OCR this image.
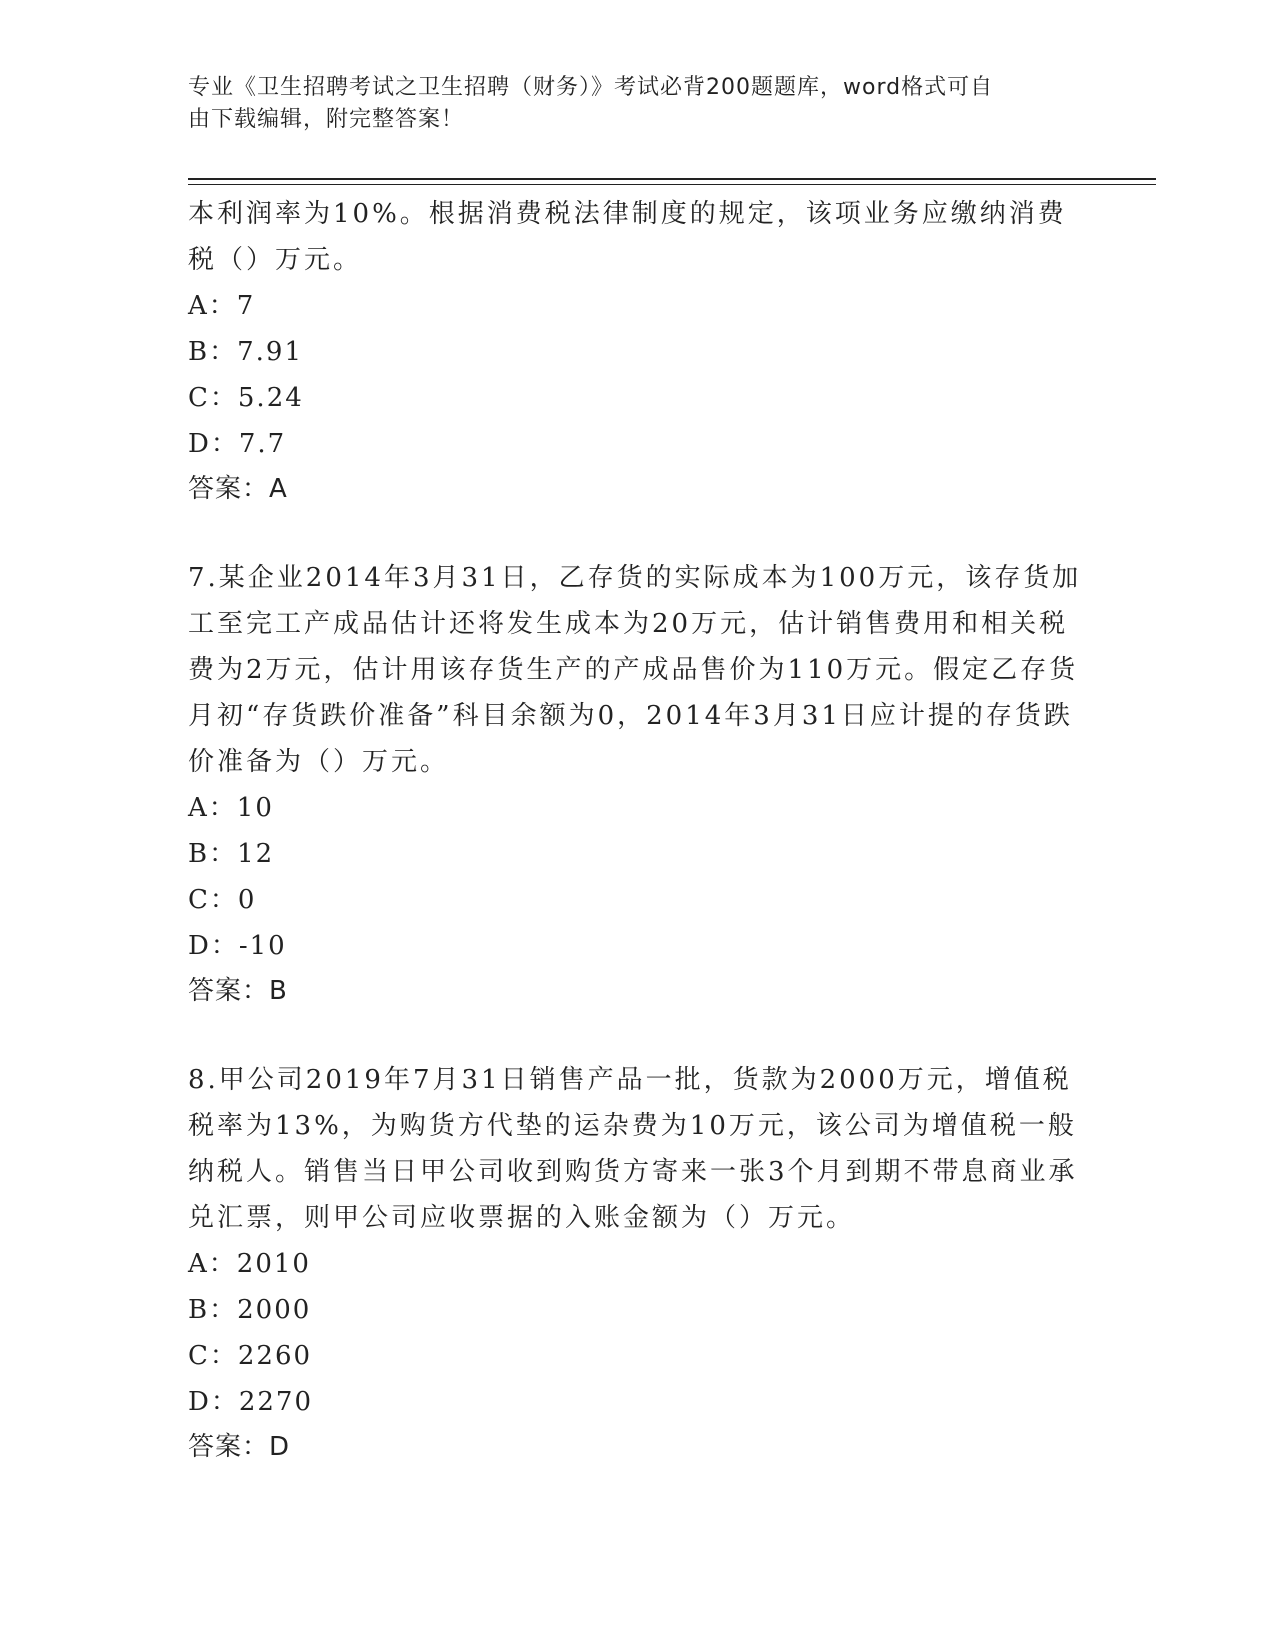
专业《卫生招聘考试之卫生招聘（财务）》考试必背200题题库，word格式可自
由下载编辑，附完整答案！

本利润率为10%。根据消费税法律制度的规定，该项业务应缴纳消费税（）万元。

A：7

B：7.91

C：5.24

D：7.7

答案：A

7.某企业2014年3月31日，乙存货的实际成本为100万元，该存货加工至完工产成品估计还将发生成本为20万元，估计销售费用和相关税费为2万元，估计用该存货生产的产成品售价为110万元。假定乙存货月初“存货跌价准备”科目余额为0，2014年3月31日应计提的存货跌价准备为（）万元。

A：10

B：12

C：0

D：-10

答案：B

8.甲公司2019年7月31日销售产品一批，货款为2000万元，增值税税率为13%，为购货方代垫的运杂费为10万元，该公司为增值税一般纳税人。销售当日甲公司收到购货方寄来一张3个月到期不带息商业承兑汇票，则甲公司应收票据的入账金额为（）万元。

A：2010

B：2000

C：2260

D：2270

答案：D
